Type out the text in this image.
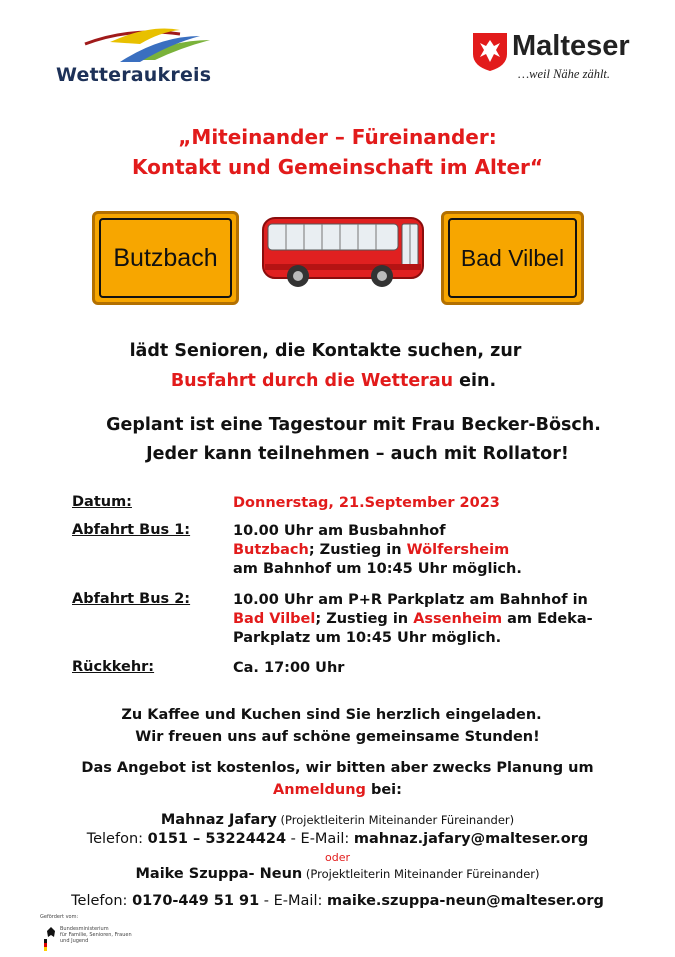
Wetteraukreis
Malteser
…weil Nähe zählt.
„Miteinander – Füreinander:
Kontakt und Gemeinschaft im Alter“
Butzbach	Bad Vilbel
lädt Senioren, die Kontakte suchen, zur
Busfahrt durch die Wetterau ein.
Geplant ist eine Tagestour mit Frau Becker-Bösch.
Jeder kann teilnehmen – auch mit Rollator!
Datum:	Donnerstag, 21.September 2023
Abfahrt Bus 1:	10.00 Uhr am Busbahnhof
Butzbach; Zustieg in Wölfersheim
am Bahnhof um 10:45 Uhr möglich.
Abfahrt Bus 2:	10.00 Uhr am P+R Parkplatz am Bahnhof in
Bad Vilbel; Zustieg in Assenheim am Edeka-
Parkplatz um 10:45 Uhr möglich.
Rückkehr:	Ca. 17:00 Uhr
Zu Kaffee und Kuchen sind Sie herzlich eingeladen.
Wir freuen uns auf schöne gemeinsame Stunden!
Das Angebot ist kostenlos, wir bitten aber zwecks Planung um
Anmeldung bei:
Mahnaz Jafary (Projektleiterin Miteinander Füreinander)
Telefon: 0151 – 53224424 - E-Mail: mahnaz.jafary@malteser.org
oder
Maike Szuppa- Neun (Projektleiterin Miteinander Füreinander)
Telefon: 0170-449 51 91 - E-Mail: maike.szuppa-neun@malteser.org
Gefördert vom:
Bundesministerium
für Familie, Senioren, Frauen
und Jugend
